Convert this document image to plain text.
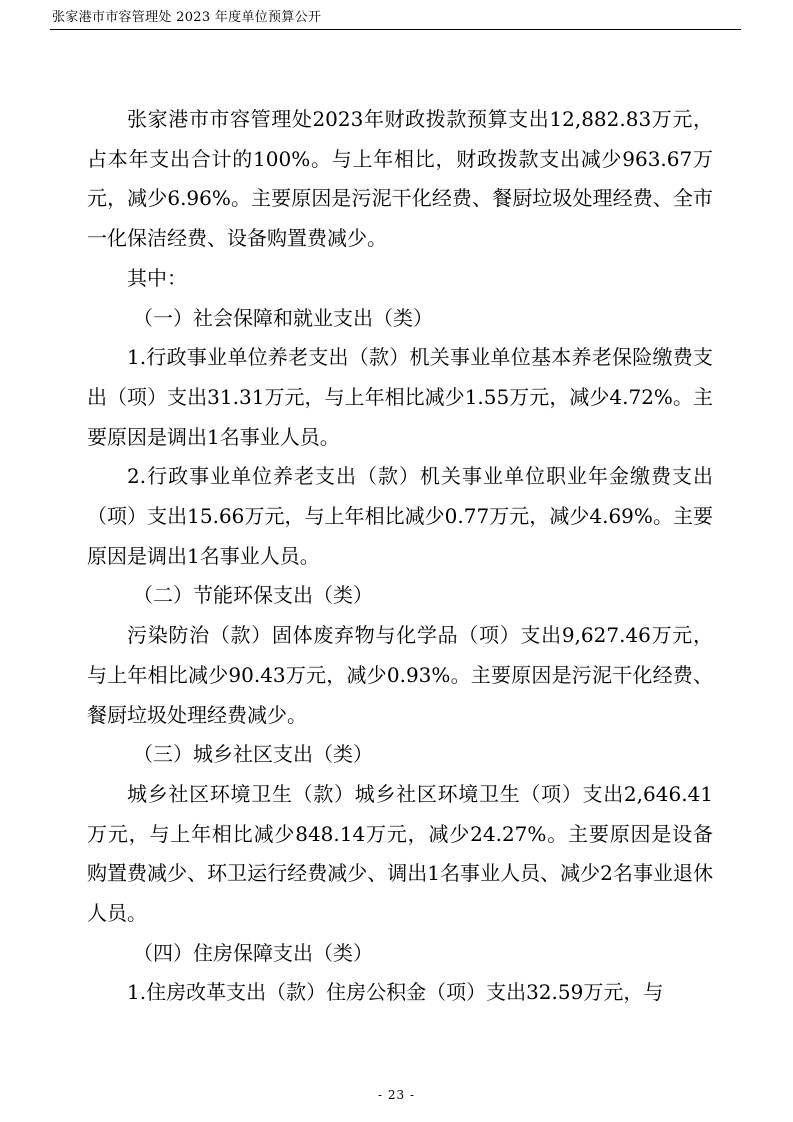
张家港市市容管理处 2023 年度单位预算公开

张家港市市容管理处2023年财政拨款预算支出12,882.83万元，占本年支出合计的100%。与上年相比，财政拨款支出减少963.67万元，减少6.96%。主要原因是污泥干化经费、餐厨垃圾处理经费、全市一化保洁经费、设备购置费减少。

其中：

（一）社会保障和就业支出（类）

1.行政事业单位养老支出（款）机关事业单位基本养老保险缴费支出（项）支出31.31万元，与上年相比减少1.55万元，减少4.72%。主要原因是调出1名事业人员。

2.行政事业单位养老支出（款）机关事业单位职业年金缴费支出（项）支出15.66万元，与上年相比减少0.77万元，减少4.69%。主要原因是调出1名事业人员。

（二）节能环保支出（类）

污染防治（款）固体废弃物与化学品（项）支出9,627.46万元，与上年相比减少90.43万元，减少0.93%。主要原因是污泥干化经费、餐厨垃圾处理经费减少。

（三）城乡社区支出（类）

城乡社区环境卫生（款）城乡社区环境卫生（项）支出2,646.41万元，与上年相比减少848.14万元，减少24.27%。主要原因是设备购置费减少、环卫运行经费减少、调出1名事业人员、减少2名事业退休人员。

（四）住房保障支出（类）

1.住房改革支出（款）住房公积金（项）支出32.59万元，与

- 23 -
